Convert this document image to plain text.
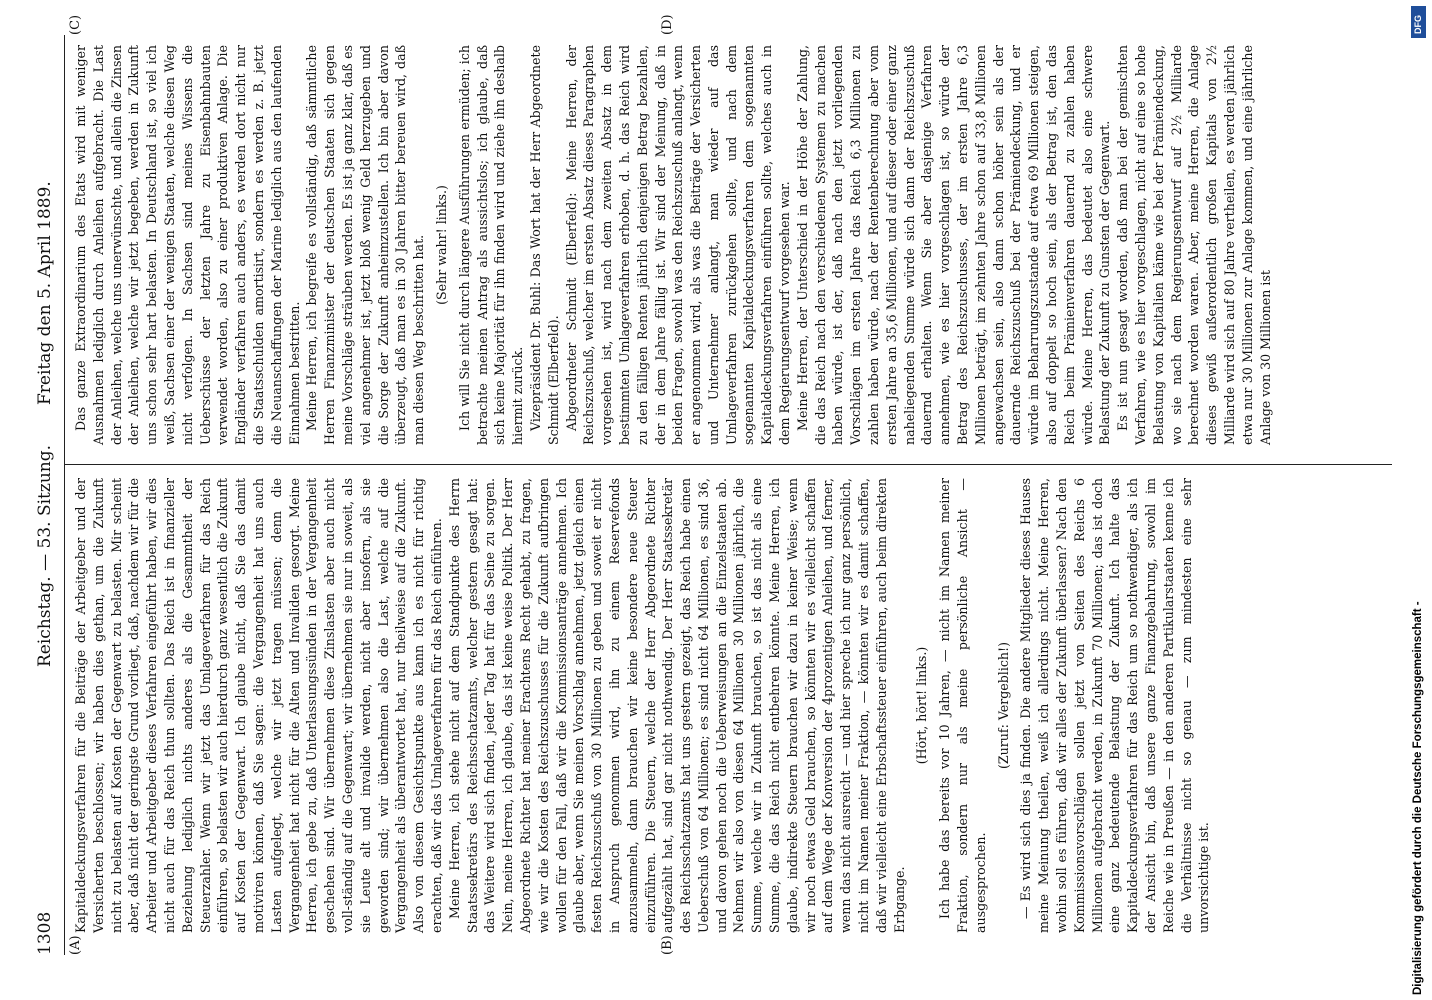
1308
Reichstag. — 53. Sitzung.
Freitag den 5. April 1889.
(A)	(B)
(C)	(D)

Kapitaldeckungsverfahren für die Beiträge der Arbeitgeber und der Versicherten beschlossen; wir haben dies gethan, um die Zukunft nicht zu belasten auf Kosten der Gegenwart zu belasten. Mir scheint aber, daß nicht der geringste Grund vorliegt, daß, nachdem wir für die Arbeiter und Arbeitgeber dieses Verfahren eingeführt haben, wir dies nicht auch für das Reich thun sollten. Das Reich ist in finanzieller Beziehung lediglich nichts anderes als die Gesammtheit der Steuerzahler. Wenn wir jetzt das Umlageverfahren für das Reich einführen, so belasten wir auch hierdurch ganz wesentlich die Zukunft auf Kosten der Gegenwart. Ich glaube nicht, daß Sie das damit motiviren können, daß Sie sagen: die Vergangenheit hat uns auch Lasten aufgelegt, welche wir jetzt tragen müssen; denn die Vergangenheit hat nicht für die Alten und Invaliden gesorgt. Meine Herren, ich gebe zu, daß Unterlassungssünden in der Vergangenheit geschehen sind. Wir übernehmen diese Zinslasten aber auch nicht voll-ständig auf die Gegenwart; wir übernehmen sie nur in soweit, als sie Leute alt und invalide werden, nicht aber insofern, als sie geworden sind; wir übernehmen also die Last, welche auf die Vergangenheit als überantwortet hat, nur theilweise auf die Zukunft. Also von diesem Gesichtspunkte aus kann ich es nicht für richtig erachten, daß wir das Umlageverfahren für das Reich einführen. Meine Herren, ich stehe nicht auf dem Standpunkte des Herrn Staatssekretärs des Reichsschatzamts, welcher gestern gesagt hat: das Weitere wird sich finden, jeder Tag hat für das Seine zu sorgen. Nein, meine Herren, ich glaube, das ist keine weise Politik. Der Herr Abgeordnete Richter hat meiner Erachtens Recht gehabt, zu fragen, wie wir die Kosten des Reichszuschusses für die Zukunft aufbringen wollen für den Fall, daß wir die Kommissionsanträge annehmen. Ich glaube aber, wenn Sie meinen Vorschlag annehmen, jetzt gleich einen festen Reichszuschuß von 30 Millionen zu geben und soweit er nicht in Anspruch genommen wird, ihn zu einem Reservefonds anzusammeln, dann brauchen wir keine besondere neue Steuer einzuführen. Die Steuern, welche der Herr Abgeordnete Richter aufgezählt hat, sind gar nicht nothwendig. Der Herr Staatssekretär des Reichsschatzamts hat uns gestern gezeigt, das Reich habe einen Ueberschuß von 64 Millionen; es sind nicht 64 Millionen, es sind 36, und davon gehen noch die Ueberweisungen an die Einzelstaaten ab. Nehmen wir also von diesen 64 Millionen 30 Millionen jährlich, die Summe, welche wir in Zukunft brauchen, so ist das nicht als eine Summe, die das Reich nicht entbehren könnte. Meine Herren, ich glaube, indirekte Steuern brauchen wir dazu in keiner Weise; wenn wir noch etwas Geld brauchen, so könnten wir es vielleicht schaffen auf dem Wege der Konversion der 4prozentigen Anleihen, und ferner, wenn das nicht ausreicht — und hier spreche ich nur ganz persönlich, nicht im Namen meiner Fraktion, — könnten wir es damit schaffen, daß wir vielleicht eine Erbschaftssteuer einführen, auch beim direkten Erbgange.

(Hört, hört! links.) Ich habe das bereits vor 10 Jahren, — nicht im Namen meiner Fraktion, sondern nur als meine persönliche Ansicht — ausgesprochen.

(Zuruf: Vergeblich!) — Es wird sich dies ja finden. Die andere Mitglieder dieses Hauses meine Meinung theilen, weiß ich allerdings nicht. Meine Herren, wohin soll es führen, daß wir alles der Zukunft überlassen? Nach den Kommissionsvorschlägen sollen jetzt von Seiten des Reichs 6 Millionen aufgebracht werden, in Zukunft 70 Millionen; das ist doch eine ganz bedeutende Belastung der Zukunft. Ich halte das Kapitaldeckungsverfahren für das Reich um so nothwendiger, als ich der Ansicht bin, daß unsere ganze Finanzgebahrung, sowohl im Reiche wie in Preußen — in den anderen Partikularstaaten kenne ich die Verhältnisse nicht so genau — zum mindesten eine sehr unvorsichtige ist.

Das ganze Extraordinarium des Etats wird mit weniger Ausnahmen lediglich durch Anleihen aufgebracht. Die Last der Anleihen, welche uns unerwünschte, und allein die Zinsen der Anleihen, welche wir jetzt begeben, werden in Zukunft uns schon sehr hart belasten. In Deutschland ist, so viel ich weiß, Sachsen einer der wenigen Staaten, welche diesen Weg nicht verfolgen. In Sachsen sind meines Wissens die Ueberschüsse der letzten Jahre zu Eisenbahnbauten verwendet worden, also zu einer produktiven Anlage. Die Engländer verfahren auch anders, es werden dort nicht nur die Staatsschulden amortisirt, sondern es werden z. B. jetzt die Neuanschaffungen der Marine lediglich aus den laufenden Einnahmen bestritten. Meine Herren, ich begreife es vollständig, daß sämmtliche Herren Finanzminister der deutschen Staaten sich gegen meine Vorschläge sträuben werden. Es ist ja ganz klar, daß es viel angenehmer ist, jetzt bloß wenig Geld herzugeben und die Sorge der Zukunft anheimzustellen. Ich bin aber davon überzeugt, daß man es in 30 Jahren bitter bereuen wird, daß man diesen Weg beschritten hat. (Sehr wahr! links.) Ich will Sie nicht durch längere Ausführungen ermüden; ich betrachte meinen Antrag als aussichtslos; ich glaube, daß sich keine Majorität für ihn finden wird und ziehe ihn deshalb hiermit zurück. Vizepräsident Dr. Buhl: Das Wort hat der Herr Abgeordnete Schmidt (Elberfeld). Abgeordneter Schmidt (Elberfeld): Meine Herren, der Reichszuschuß, welcher im ersten Absatz dieses Paragraphen vorgesehen ist, wird nach dem zweiten Absatz in dem bestimmten Umlageverfahren erhoben, d. h. das Reich wird zu den fälligen Renten jährlich denjenigen Betrag bezahlen, der in dem Jahre fällig ist. Wir sind der Meinung, daß in beiden Fragen, sowohl was den Reichszuschuß anlangt, wenn er angenommen wird, als was die Beiträge der Versicherten und Unternehmer anlangt, man wieder auf das Umlageverfahren zurückgehen sollte, und nach dem sogenannten Kapitaldeckungsverfahren dem sogenannten Kapitaldeckungsverfahren einführen sollte, welches auch in dem Regierungsentwurf vorgesehen war. Meine Herren, der Unterschied in der Höhe der Zahlung, die das Reich nach den verschiedenen Systemen zu machen haben würde, ist der, daß nach den jetzt vorliegenden Vorschlägen im ersten Jahre das Reich 6,3 Millionen zu zahlen haben würde, nach der Rentenberechnung aber vom ersten Jahre an 35,6 Millionen, und auf dieser oder einer ganz naheliegenden Summe würde sich dann der Reichszuschuß dauernd erhalten. Wenn Sie aber dasjenige Verfahren annehmen, wie es hier vorgeschlagen ist, so würde der Betrag des Reichszuschusses, der im ersten Jahre 6,3 Millionen beträgt, im zehnten Jahre schon auf 33,8 Millionen angewachsen sein, also dann schon höher sein als der dauernde Reichszuschuß bei der Prämiendeckung, und er würde im Beharrungszustande auf etwa 69 Millionen steigen, also auf doppelt so hoch sein, als der Betrag ist, den das Reich beim Prämienverfahren dauernd zu zahlen haben würde. Meine Herren, das bedeutet also eine schwere Belastung der Zukunft zu Gunsten der Gegenwart. Es ist nun gesagt worden, daß man bei der gemischten Verfahren, wie es hier vorgeschlagen, nicht auf eine so hohe Belastung von Kapitalien käme wie bei der Prämiendeckung, wo sie nach dem Regierungsentwurf auf 2½ Milliarde berechnet worden waren. Aber, meine Herren, die Anlage dieses gewiß außerordentlich großen Kapitals von 2½ Milliarde wird sich auf 80 Jahre vertheilen, es werden jährlich etwa nur 30 Millionen zur Anlage kommen, und eine jährliche Anlage von 30 Millionen ist

Digitalisierung gefördert durch die Deutsche Forschungsgemeinschaft -
DFG
